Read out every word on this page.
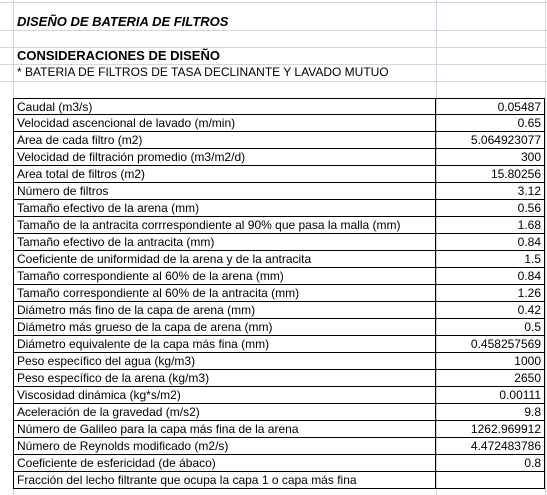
DISEÑO DE BATERIA DE FILTROS
CONSIDERACIONES DE DISEÑO
* BATERIA DE FILTROS DE TASA DECLINANTE Y LAVADO MUTUO
Caudal (m3/s)	0.05487
Velocidad ascencional de lavado (m/min)	0.65
Area de cada filtro (m2)	5.064923077
Velocidad de filtración promedio (m3/m2/d)	300
Area total de filtros (m2)	15.80256
Número de filtros	3.12
Tamaño efectivo de la arena (mm)	0.56
Tamaño de la antracita corrrespondiente al 90% que pasa la malla (mm)	1.68
Tamaño efectivo de la antracita (mm)	0.84
Coeficiente de uniformidad de la arena y de la antracita	1.5
Tamaño correspondiente al 60% de la arena (mm)	0.84
Tamaño correspondiente al 60% de la antracita (mm)	1.26
Diámetro más fino de la capa de arena (mm)	0.42
Diámetro más grueso de la capa de arena (mm)	0.5
Diámetro equivalente de la capa más fina (mm)	0.458257569
Peso específico del agua (kg/m3)	1000
Peso específico de la arena (kg/m3)	2650
Viscosidad dinámica (kg*s/m2)	0.00111
Aceleración de la gravedad (m/s2)	9.8
Número de Galileo para la capa más fina de la arena	1262.969912
Número de Reynolds modificado (m2/s)	4.472483786
Coeficiente de esfericidad (de ábaco)	0.8
Fracción del lecho filtrante que ocupa la capa 1 o capa más fina
